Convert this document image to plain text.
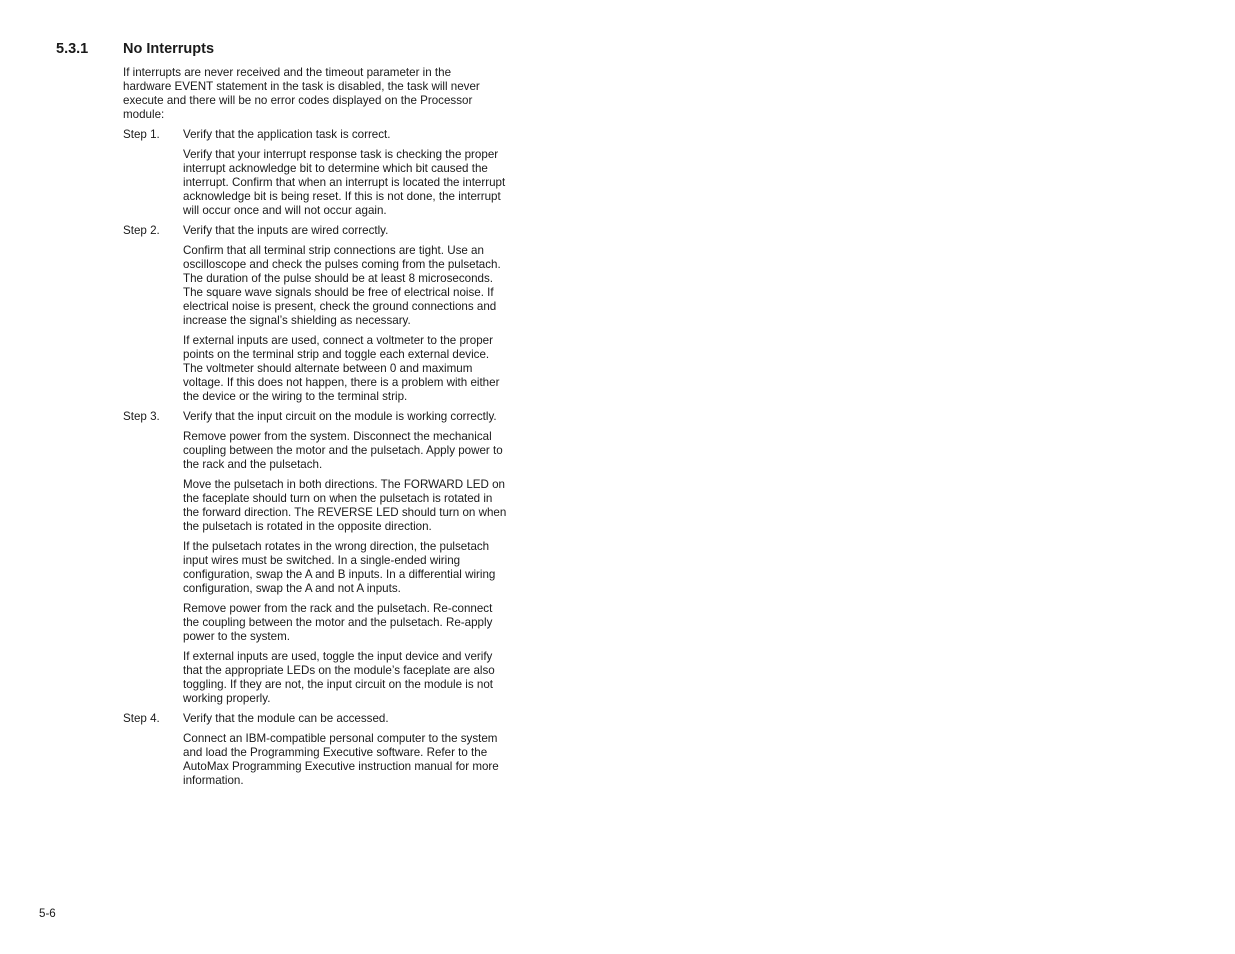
5.3.1 No Interrupts

If interrupts are never received and the timeout parameter in the hardware EVENT statement in the task is disabled, the task will never execute and there will be no error codes displayed on the Processor module:

Step 1.	Verify that the application task is correct.

Verify that your interrupt response task is checking the proper interrupt acknowledge bit to determine which bit caused the interrupt. Confirm that when an interrupt is located the interrupt acknowledge bit is being reset. If this is not done, the interrupt will occur once and will not occur again.

Step 2.	Verify that the inputs are wired correctly.

Confirm that all terminal strip connections are tight. Use an oscilloscope and check the pulses coming from the pulsetach. The duration of the pulse should be at least 8 microseconds. The square wave signals should be free of electrical noise. If electrical noise is present, check the ground connections and increase the signal’s shielding as necessary.

If external inputs are used, connect a voltmeter to the proper points on the terminal strip and toggle each external device. The voltmeter should alternate between 0 and maximum voltage. If this does not happen, there is a problem with either the device or the wiring to the terminal strip.

Step 3.	Verify that the input circuit on the module is working correctly.

Remove power from the system. Disconnect the mechanical coupling between the motor and the pulsetach. Apply power to the rack and the pulsetach.

Move the pulsetach in both directions. The FORWARD LED on the faceplate should turn on when the pulsetach is rotated in the forward direction. The REVERSE LED should turn on when the pulsetach is rotated in the opposite direction.

If the pulsetach rotates in the wrong direction, the pulsetach input wires must be switched. In a single-ended wiring configuration, swap the A and B inputs. In a differential wiring configuration, swap the A and not A inputs.

Remove power from the rack and the pulsetach. Re-connect the coupling between the motor and the pulsetach. Re-apply power to the system.

If external inputs are used, toggle the input device and verify that the appropriate LEDs on the module’s faceplate are also toggling. If they are not, the input circuit on the module is not working properly.

Step 4.	Verify that the module can be accessed.

Connect an IBM-compatible personal computer to the system and load the Programming Executive software. Refer to the AutoMax Programming Executive instruction manual for more information.

5-6
